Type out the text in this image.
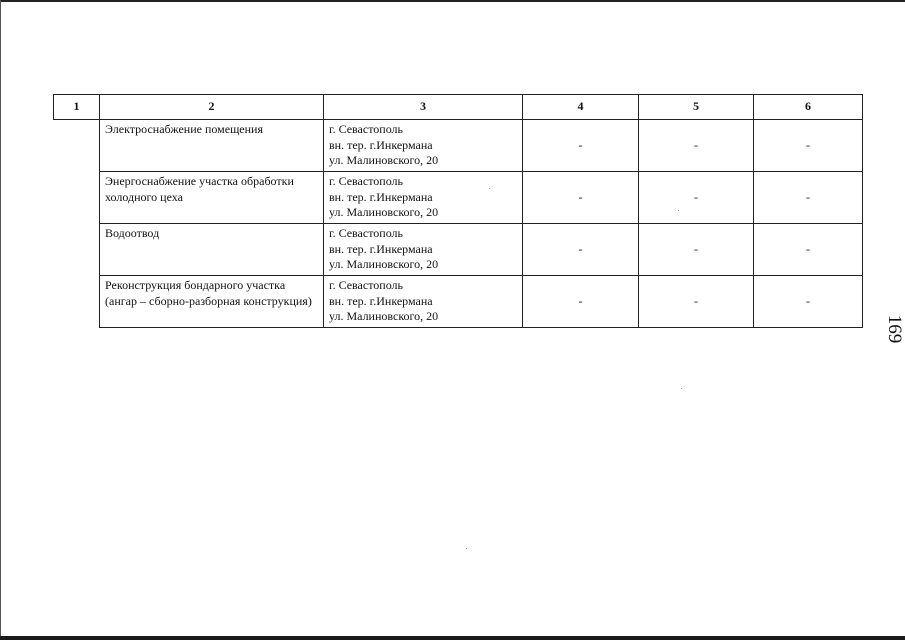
1	2	3	4	5	6
	Электроснабжение помещения	г. Севастополь
вн. тер. г.Инкермана
ул. Малиновского, 20	-	-	-
	Энергоснабжение участка обработки холодного цеха	г. Севастополь
вн. тер. г.Инкермана
ул. Малиновского, 20	-	-	-
	Водоотвод	г. Севастополь
вн. тер. г.Инкермана
ул. Малиновского, 20	-	-	-
	Реконструкция бондарного участка (ангар – сборно-разборная конструкция)	г. Севастополь
вн. тер. г.Инкермана
ул. Малиновского, 20	-	-	-
169
